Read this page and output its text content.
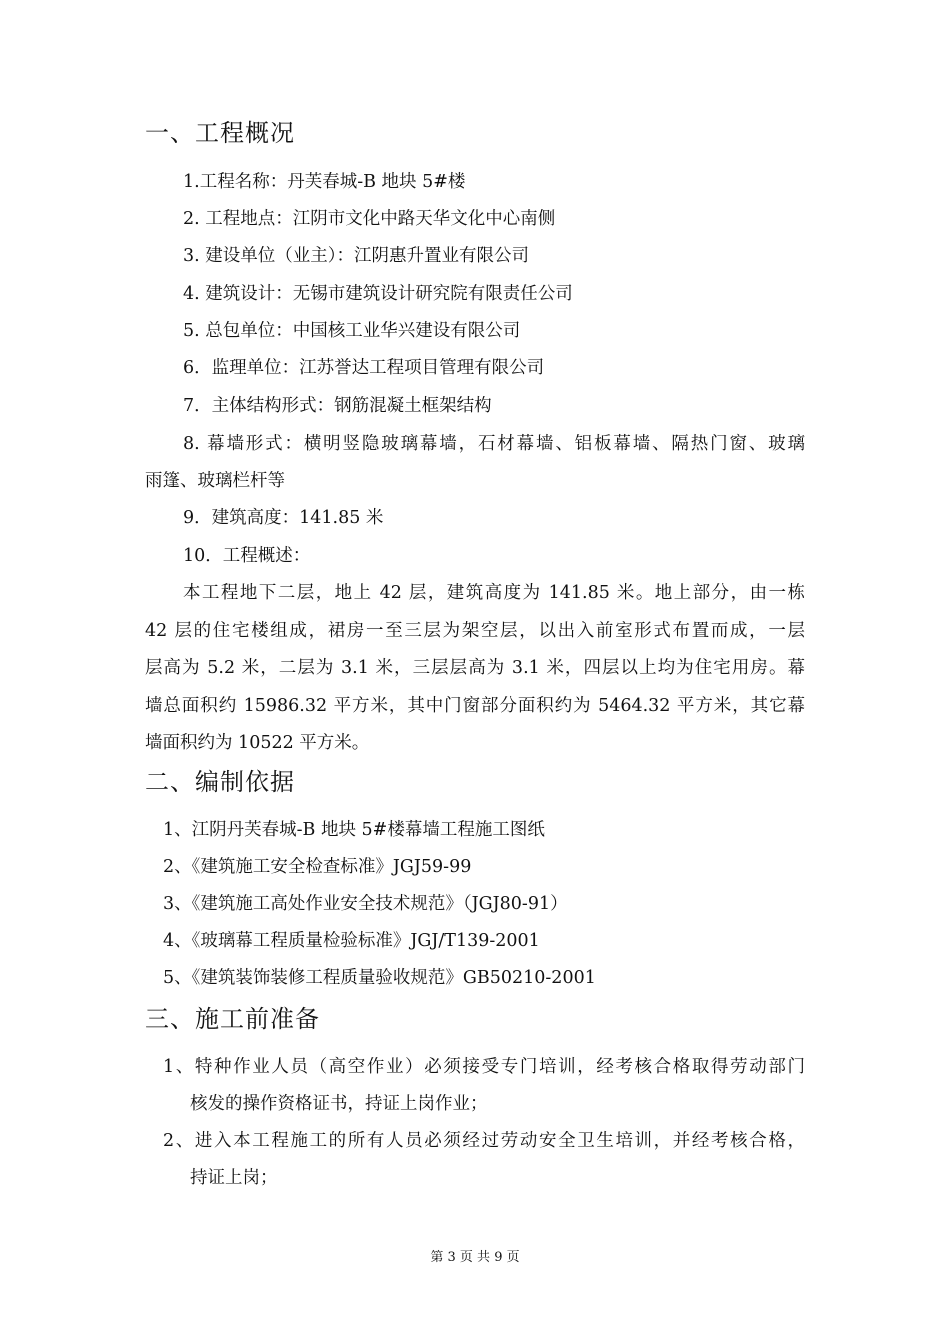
一、工程概况
1.工程名称：丹芙春城-B 地块 5#楼
2. 工程地点：江阴市文化中路天华文化中心南侧
3. 建设单位（业主）：江阴惠升置业有限公司
4. 建筑设计：无锡市建筑设计研究院有限责任公司
5. 总包单位：中国核工业华兴建设有限公司
6．监理单位：江苏誉达工程项目管理有限公司
7．主体结构形式：钢筋混凝土框架结构
8. 幕墙形式：横明竖隐玻璃幕墙，石材幕墙、铝板幕墙、隔热门窗、玻璃
雨篷、玻璃栏杆等
9．建筑高度：141.85 米
10．工程概述：
本工程地下二层，地上 42 层，建筑高度为 141.85 米。地上部分，由一栋
42 层的住宅楼组成，裙房一至三层为架空层，以出入前室形式布置而成，一层
层高为 5.2 米，二层为 3.1 米，三层层高为 3.1 米，四层以上均为住宅用房。幕
墙总面积约 15986.32 平方米，其中门窗部分面积约为 5464.32 平方米，其它幕
墙面积约为 10522 平方米。
二、编制依据
1、江阴丹芙春城-B 地块 5#楼幕墙工程施工图纸
2、《建筑施工安全检查标准》JGJ59-99
3、《建筑施工高处作业安全技术规范》（JGJ80-91）
4、《玻璃幕工程质量检验标准》JGJ/T139-2001
5、《建筑装饰装修工程质量验收规范》GB50210-2001
三、施工前准备
1、特种作业人员（高空作业）必须接受专门培训，经考核合格取得劳动部门
核发的操作资格证书，持证上岗作业；
2、进入本工程施工的所有人员必须经过劳动安全卫生培训，并经考核合格，
持证上岗；
第 3 页 共 9 页
